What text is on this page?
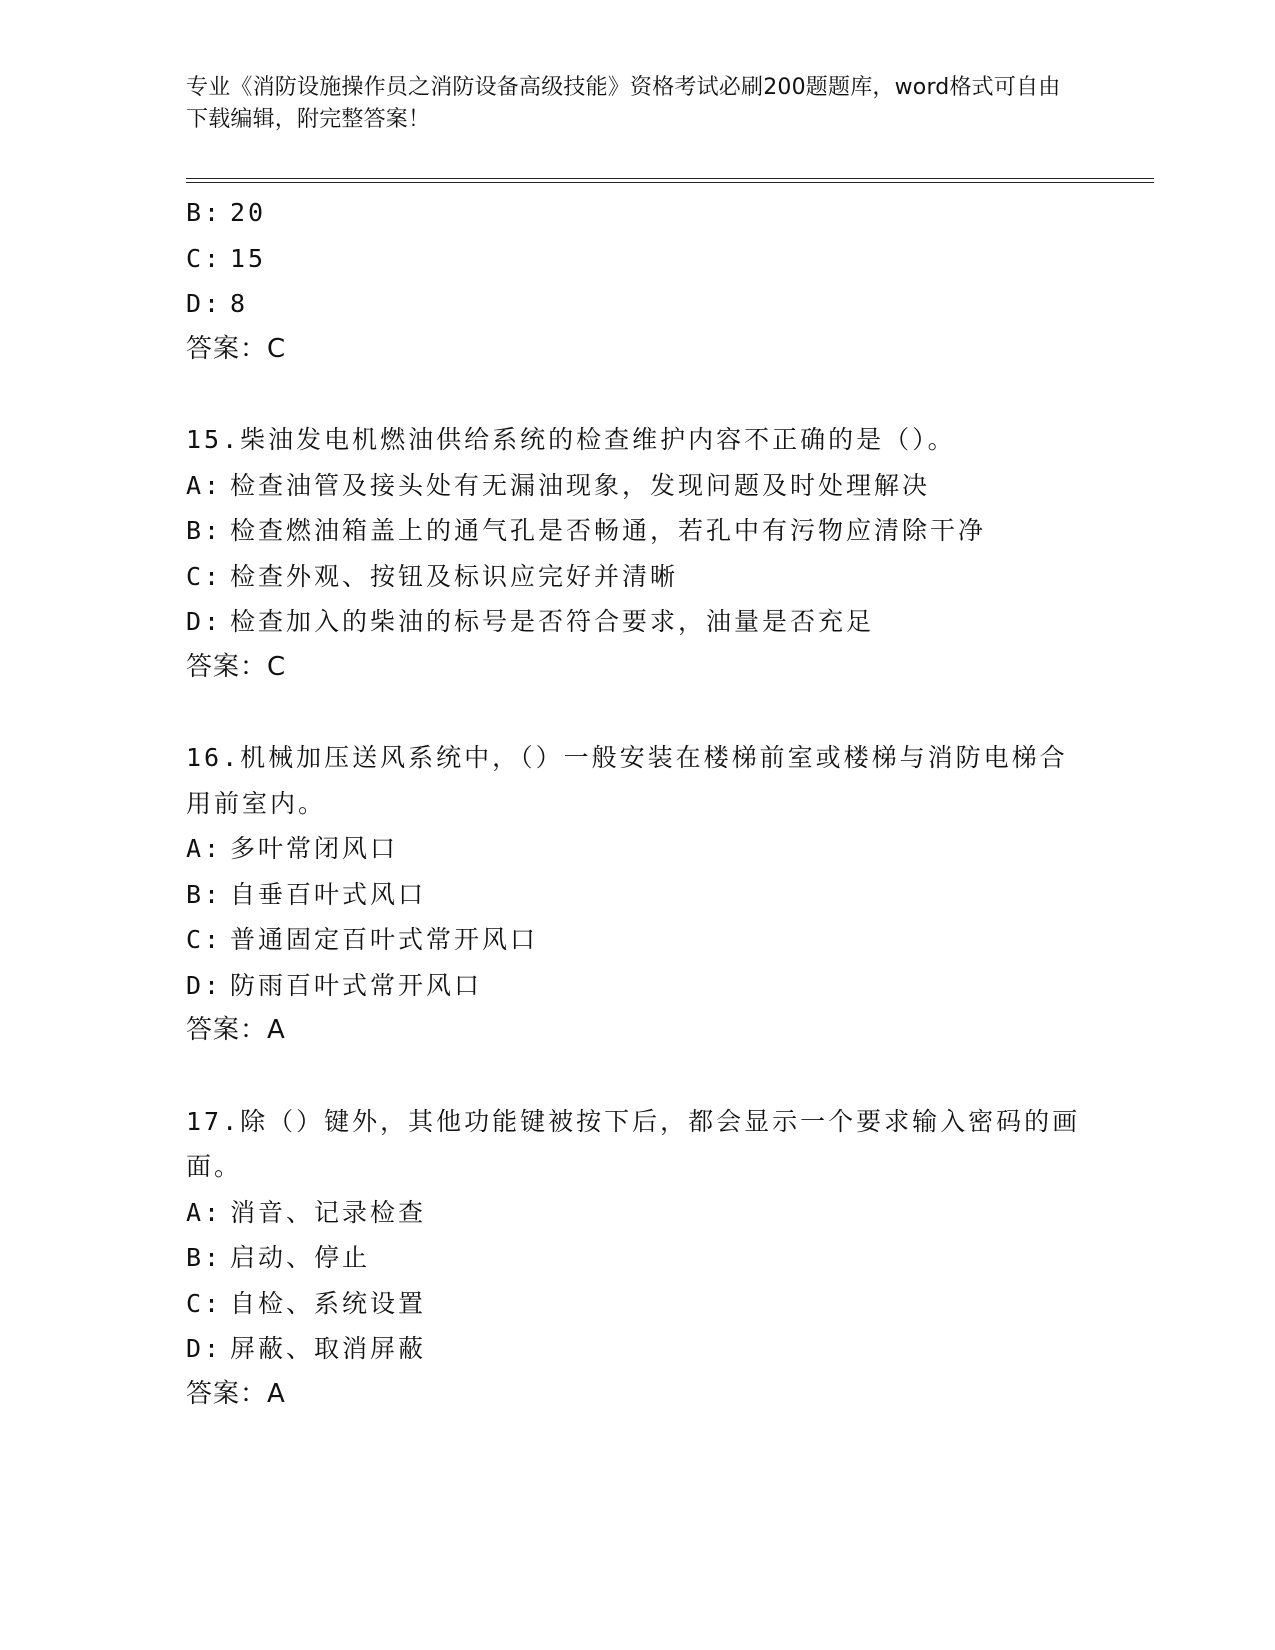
专业《消防设施操作员之消防设备高级技能》资格考试必刷200题题库，word格式可自由下载编辑，附完整答案！
B: 20
C: 15
D: 8
答案：C
15.柴油发电机燃油供给系统的检查维护内容不正确的是（）。
A: 检查油管及接头处有无漏油现象，发现问题及时处理解决
B: 检查燃油箱盖上的通气孔是否畅通，若孔中有污物应清除干净
C: 检查外观、按钮及标识应完好并清晰
D: 检查加入的柴油的标号是否符合要求，油量是否充足
答案：C
16.机械加压送风系统中，（）一般安装在楼梯前室或楼梯与消防电梯合用前室内。
A: 多叶常闭风口
B: 自垂百叶式风口
C: 普通固定百叶式常开风口
D: 防雨百叶式常开风口
答案：A
17.除（）键外，其他功能键被按下后，都会显示一个要求输入密码的画面。
A: 消音、记录检查
B: 启动、停止
C: 自检、系统设置
D: 屏蔽、取消屏蔽
答案：A
